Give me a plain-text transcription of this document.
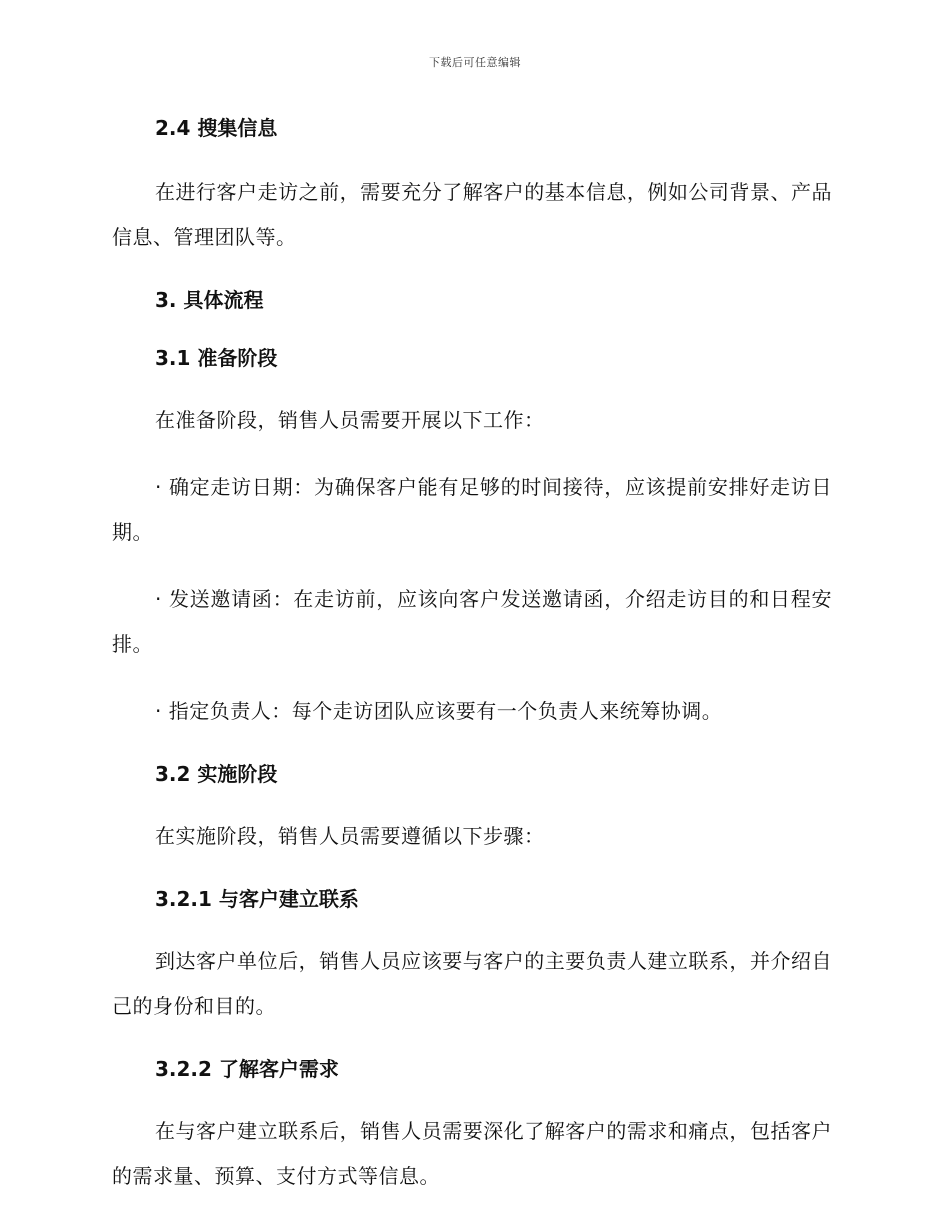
下载后可任意编辑
2.4 搜集信息

在进行客户走访之前，需要充分了解客户的基本信息，例如公司背景、产品信息、管理团队等。

3. 具体流程
3.1 准备阶段

在准备阶段，销售人员需要开展以下工作：

· 确定走访日期：为确保客户能有足够的时间接待，应该提前安排好走访日期。

· 发送邀请函：在走访前，应该向客户发送邀请函，介绍走访目的和日程安排。

· 指定负责人：每个走访团队应该要有一个负责人来统筹协调。

3.2 实施阶段

在实施阶段，销售人员需要遵循以下步骤：

3.2.1 与客户建立联系

到达客户单位后，销售人员应该要与客户的主要负责人建立联系，并介绍自己的身份和目的。

3.2.2 了解客户需求

在与客户建立联系后，销售人员需要深化了解客户的需求和痛点，包括客户的需求量、预算、支付方式等信息。
